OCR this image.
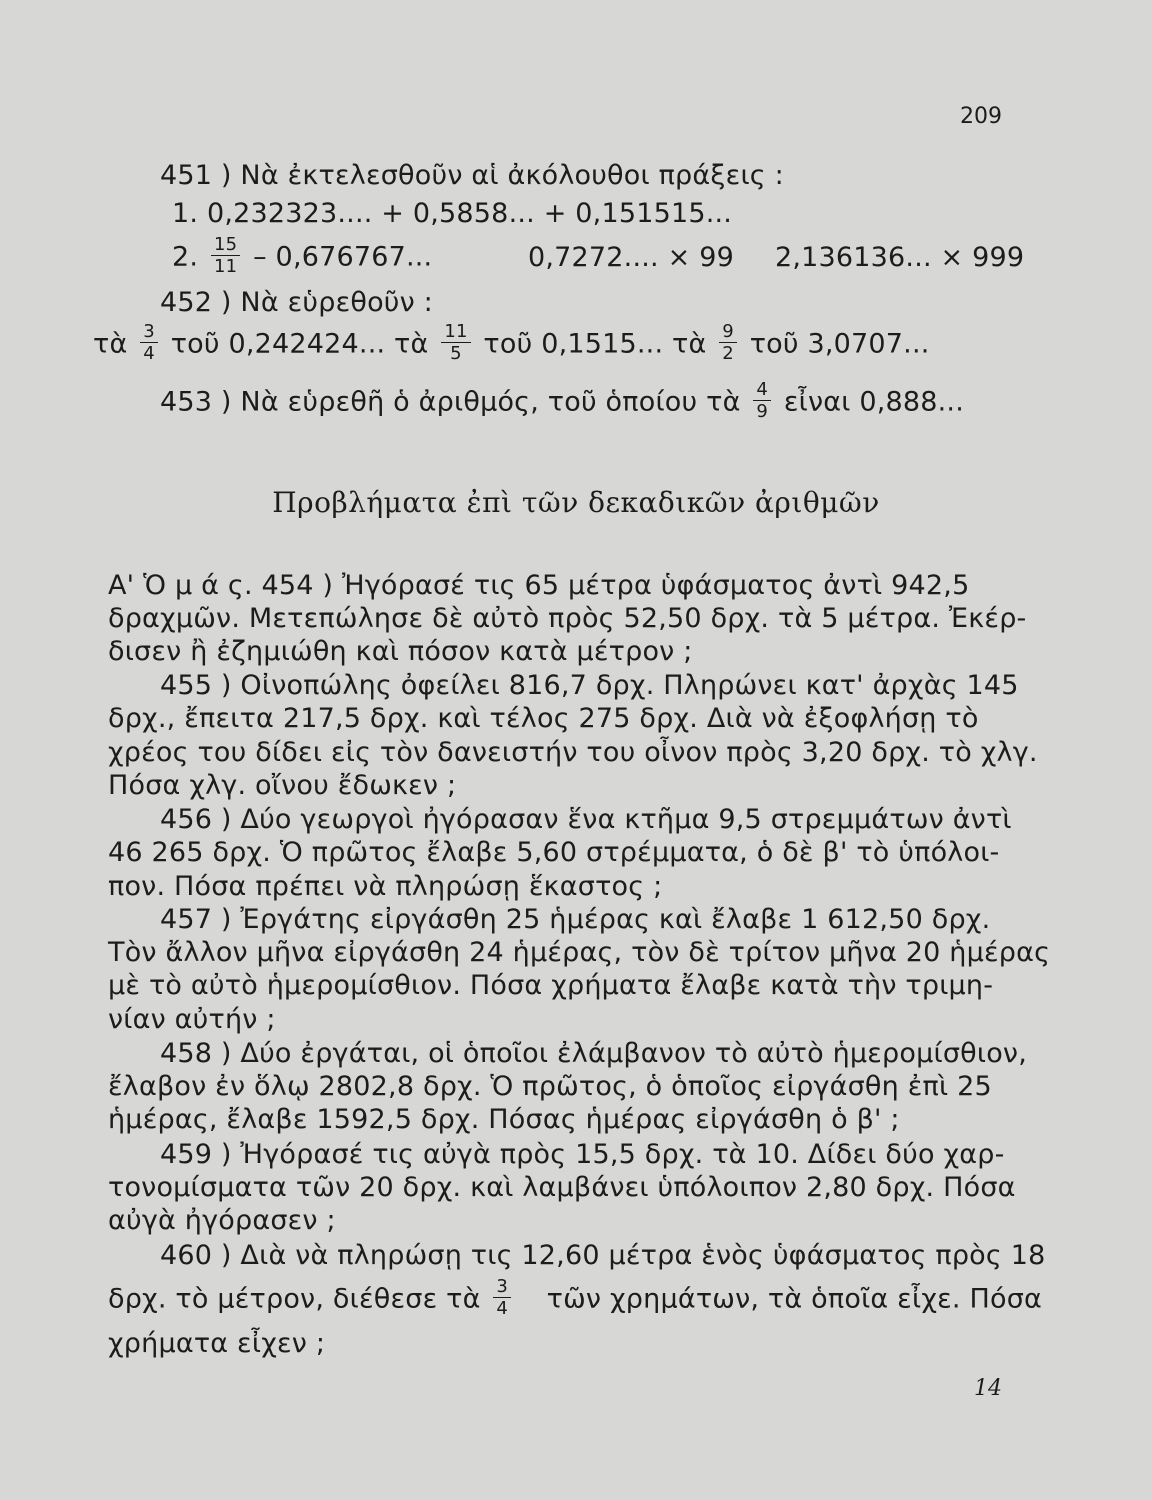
209
451 ) Νὰ ἐκτελεσθοῦν αἱ ἀκόλουθοι πράξεις :
1. 0,232323.... + 0,5858... + 0,151515...
2. $\frac{15}{11} - 0,676767$...	0,7272.... × 99 2,136136... × 999
452 ) Νὰ εὑρεθοῦν :
τὰ $\frac{3}{4}$ τοῦ 0,242424... τὰ $\frac{11}{5}$ τοῦ 0,1515... τὰ $\frac{9}{2}$ τοῦ 3,0707...
453 ) Νὰ εὑρεθῆ ὁ ἀριθμός, τοῦ ὁποίου τὰ $\frac{4}{9}$ εἶναι 0,888...
Προβλήματα ἐπὶ τῶν δεκαδικῶν ἀριθμῶν
Α' Ὁ μ ά ς. 454 ) Ἠγόρασέ τις 65 μέτρα ὑφάσματος ἀντὶ 942,5
δραχμῶν. Μετεπώλησε δὲ αὐτὸ πρὸς 52,50 δρχ. τὰ 5 μέτρα. Ἐκέρ-
δισεν ἢ ἐζημιώθη καὶ πόσον κατὰ μέτρον ;
455 ) Οἰνοπώλης ὀφείλει 816,7 δρχ. Πληρώνει κατ' ἀρχὰς 145
δρχ., ἔπειτα 217,5 δρχ. καὶ τέλος 275 δρχ. Διὰ νὰ ἐξοφλήσῃ τὸ
χρέος του δίδει εἰς τὸν δανειστήν του οἶνον πρὸς 3,20 δρχ. τὸ χλγ.
Πόσα χλγ. οἴνου ἔδωκεν ;
456 ) Δύο γεωργοὶ ἠγόρασαν ἕνα κτῆμα 9,5 στρεμμάτων ἀντὶ
46 265 δρχ. Ὁ πρῶτος ἔλαβε 5,60 στρέμματα, ὁ δὲ β' τὸ ὑπόλοι-
πον. Πόσα πρέπει νὰ πληρώσῃ ἕκαστος ;
457 ) Ἐργάτης εἰργάσθη 25 ἡμέρας καὶ ἔλαβε 1 612,50 δρχ.
Τὸν ἄλλον μῆνα εἰργάσθη 24 ἡμέρας, τὸν δὲ τρίτον μῆνα 20 ἡμέρας
μὲ τὸ αὐτὸ ἡμερομίσθιον. Πόσα χρήματα ἔλαβε κατὰ τὴν τριμη-
νίαν αὐτήν ;
458 ) Δύο ἐργάται, οἱ ὁποῖοι ἐλάμβανον τὸ αὐτὸ ἡμερομίσθιον,
ἔλαβον ἐν ὅλῳ 2802,8 δρχ. Ὁ πρῶτος, ὁ ὁποῖος εἰργάσθη ἐπὶ 25
ἡμέρας, ἔλαβε 1592,5 δρχ. Πόσας ἡμέρας εἰργάσθη ὁ β' ;
459 ) Ἠγόρασέ τις αὐγὰ πρὸς 15,5 δρχ. τὰ 10. Δίδει δύο χαρ-
τονομίσματα τῶν 20 δρχ. καὶ λαμβάνει ὑπόλοιπον 2,80 δρχ. Πόσα
αὐγὰ ἠγόρασεν ;
460 ) Διὰ νὰ πληρώσῃ τις 12,60 μέτρα ἑνὸς ὑφάσματος πρὸς 18
δρχ. τὸ μέτρον, διέθεσε τὰ $\frac{3}{4}$ τῶν χρημάτων, τὰ ὁποῖα εἶχε. Πόσα
χρήματα εἶχεν ;
14
